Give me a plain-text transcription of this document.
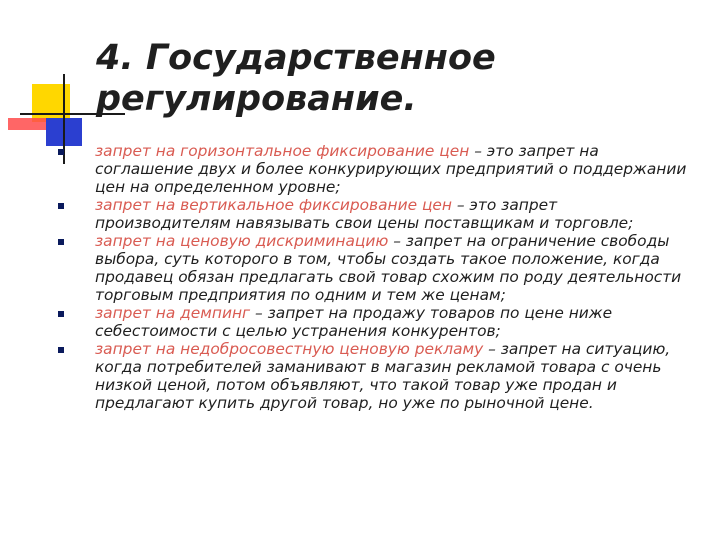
4. Государственное
регулирование.
запрет на горизонтальное фиксирование цен – это запрет на соглашение двух и более конкурирующих предприятий о поддержании цен на определенном уровне;
запрет на вертикальное фиксирование цен – это запрет производителям навязывать свои цены поставщикам и торговле;
запрет на ценовую дискриминацию – запрет на ограничение свободы выбора, суть которого в том, чтобы создать такое положение, когда продавец обязан предлагать свой товар схожим по роду деятельности торговым предприятия по одним и тем же ценам;
запрет на демпинг – запрет на продажу товаров по цене ниже себестоимости с целью устранения конкурентов;
запрет на недобросовестную ценовую рекламу – запрет на ситуацию, когда потребителей заманивают в магазин рекламой товара с очень низкой ценой, потом объявляют, что такой товар уже продан и предлагают купить другой товар, но уже по рыночной цене.
